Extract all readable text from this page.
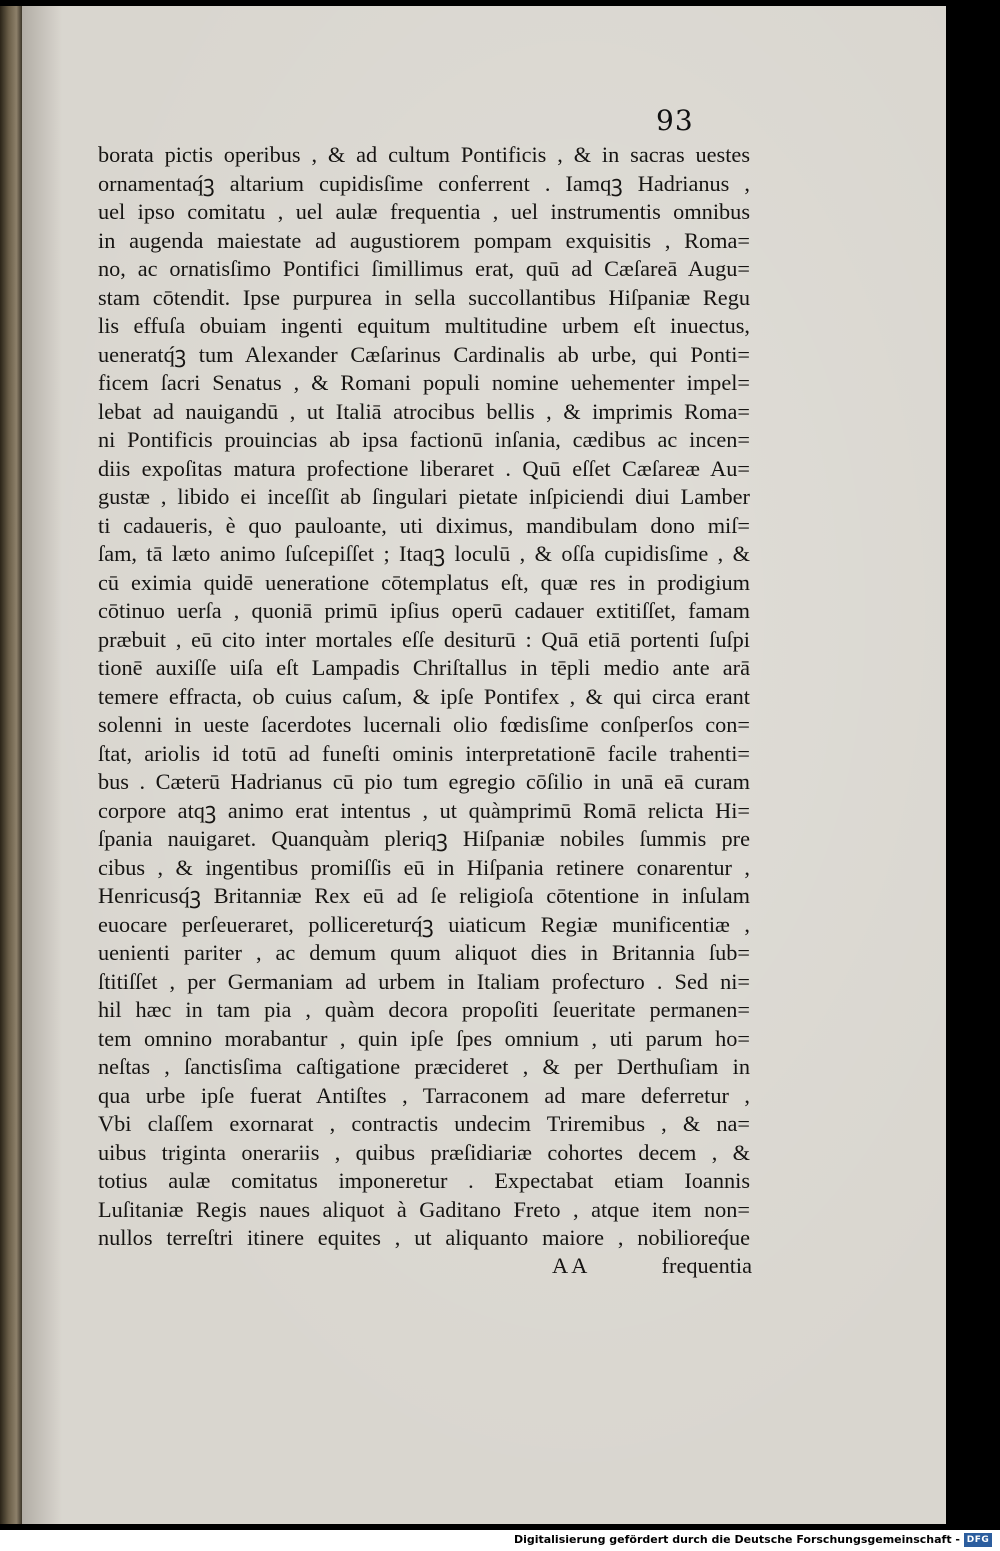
93
borata pictis operibus , & ad cultum Pontificis , & in sacras uestes
ornamentaq́ꝫ altarium cupidisſime conferrent . Iamqꝫ Hadrianus ,
uel ipso comitatu , uel aulæ frequentia , uel instrumentis omnibus
in augenda maiestate ad augustiorem pompam exquisitis , Roma=
no, ac ornatisſimo Pontifici ſimillimus erat, quū ad Cæſareā Augu=
stam cōtendit. Ipse purpurea in sella succollantibus Hiſpaniæ Regu
lis effuſa obuiam ingenti equitum multitudine urbem eſt inuectus,
ueneratq́ꝫ tum Alexander Cæſarinus Cardinalis ab urbe, qui Ponti=
ficem ſacri Senatus , & Romani populi nomine uehementer impel=
lebat ad nauigandū , ut Italiā atrocibus bellis , & imprimis Roma=
ni Pontificis prouincias ab ipsa factionū inſania, cædibus ac incen=
diis expoſitas matura profectione liberaret . Quū eſſet Cæſareæ Au=
gustæ , libido ei inceſſit ab ſingulari pietate inſpiciendi diui Lamber
ti cadaueris, è quo pauloante, uti diximus, mandibulam dono miſ=
ſam, tā læto animo ſuſcepiſſet ; Itaqꝫ loculū , & oſſa cupidisſime , &
cū eximia quidē ueneratione cōtemplatus eſt, quæ res in prodigium
cōtinuo uerſa , quoniā primū ipſius operū cadauer extitiſſet, famam
præbuit , eū cito inter mortales eſſe desiturū : Quā etiā portenti ſuſpi
tionē auxiſſe uiſa eſt Lampadis Chriſtallus in tēpli medio ante arā
temere effracta, ob cuius caſum, & ipſe Pontifex , & qui circa erant
solenni in ueste ſacerdotes lucernali olio fœdisſime conſperſos con=
ſtat, ariolis id totū ad funeſti ominis interpretationē facile trahenti=
bus . Cæterū Hadrianus cū pio tum egregio cōſilio in unā eā curam
corpore atqꝫ animo erat intentus , ut quàmprimū Romā relicta Hi=
ſpania nauigaret. Quanquàm pleriqꝫ Hiſpaniæ nobiles ſummis pre
cibus , & ingentibus promiſſis eū in Hiſpania retinere conarentur ,
Henricusq́ꝫ Britanniæ Rex eū ad ſe religioſa cōtentione in inſulam
euocare perſeueraret, pollicereturq́ꝫ uiaticum Regiæ munificentiæ ,
uenienti pariter , ac demum quum aliquot dies in Britannia ſub=
ſtitiſſet , per Germaniam ad urbem in Italiam profecturo . Sed ni=
hil hæc in tam pia , quàm decora propoſiti ſeueritate permanen=
tem omnino morabantur , quin ipſe ſpes omnium , uti parum ho=
neſtas , ſanctisſima caſtigatione præcideret , & per Derthuſiam in
qua urbe ipſe fuerat Antiſtes , Tarraconem ad mare deferretur ,
Vbi claſſem exornarat , contractis undecim Triremibus , & na=
uibus triginta onerariis , quibus præſidiariæ cohortes decem , &
totius aulæ comitatus imponeretur . Expectabat etiam Ioannis
Luſitaniæ Regis naues aliquot à Gaditano Freto , atque item non=
nullos terreſtri itinere equites , ut aliquanto maiore , nobilioreq́ue
A A	frequentia
Digitalisierung gefördert durch die Deutsche Forschungsgemeinschaft - DFG
